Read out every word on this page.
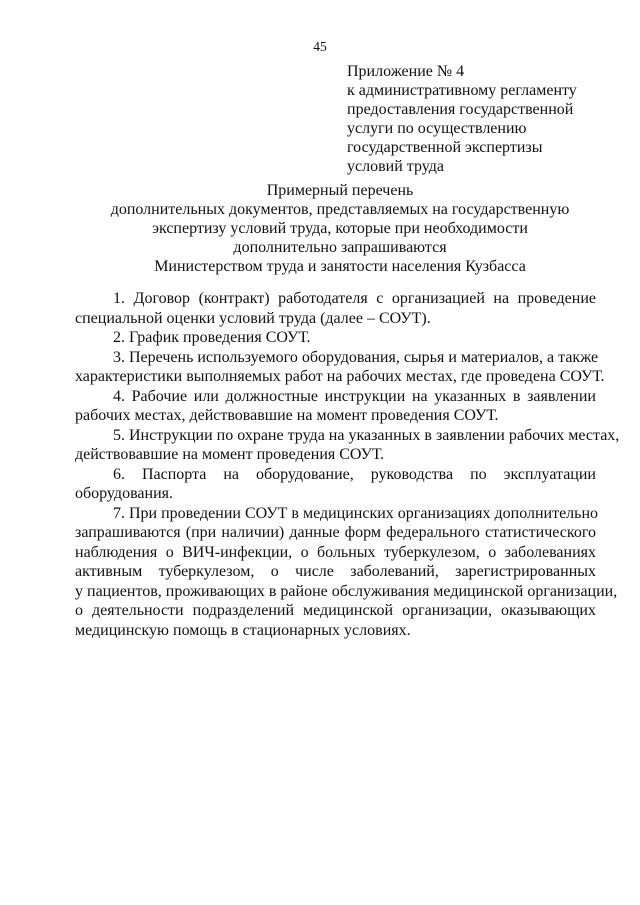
45
Приложение № 4
к административному регламенту
предоставления государственной
услуги по осуществлению
государственной экспертизы
условий труда
Примерный перечень
дополнительных документов, представляемых на государственную
экспертизу условий труда, которые при необходимости
дополнительно запрашиваются
Министерством труда и занятости населения Кузбасса
1. Договор (контракт) работодателя с организацией на проведение
специальной оценки условий труда (далее – СОУТ).
2. График проведения СОУТ.
3. Перечень используемого оборудования, сырья и материалов, а также
характеристики выполняемых работ на рабочих местах, где проведена СОУТ.
4. Рабочие или должностные инструкции на указанных в заявлении
рабочих местах, действовавшие на момент проведения СОУТ.
5. Инструкции по охране труда на указанных в заявлении рабочих местах,
действовавшие на момент проведения СОУТ.
6. Паспорта на оборудование, руководства по эксплуатации
оборудования.
7. При проведении СОУТ в медицинских организациях дополнительно
запрашиваются (при наличии) данные форм федерального статистического
наблюдения о ВИЧ-инфекции, о больных туберкулезом, о заболеваниях
активным туберкулезом, о числе заболеваний, зарегистрированных
у пациентов, проживающих в районе обслуживания медицинской организации,
о деятельности подразделений медицинской организации, оказывающих
медицинскую помощь в стационарных условиях.
